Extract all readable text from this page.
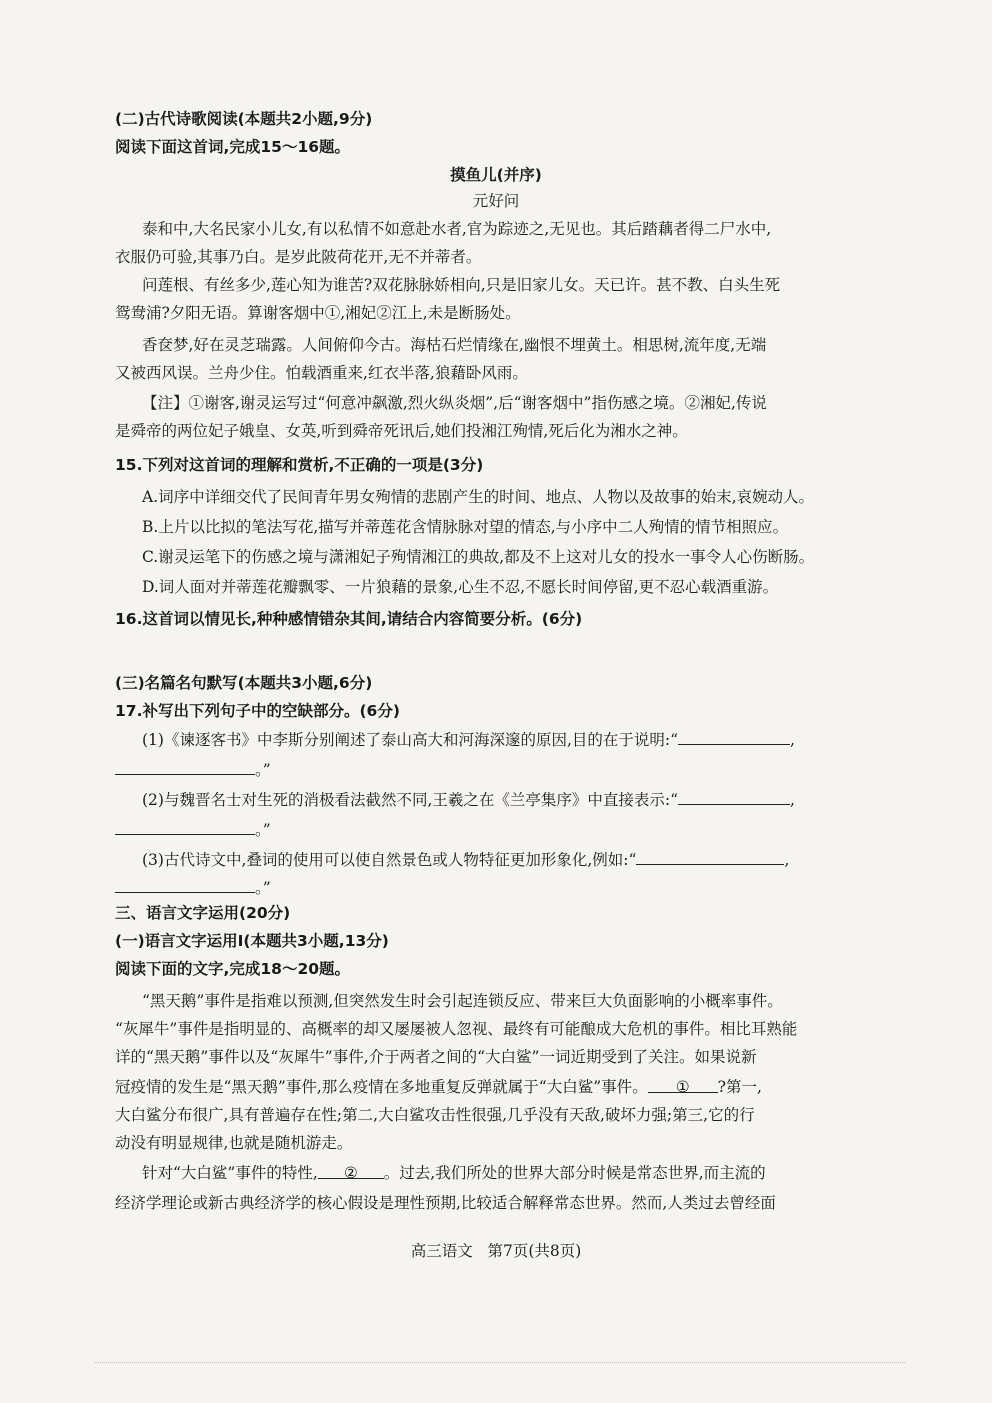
(二)古代诗歌阅读(本题共2小题,9分)
阅读下面这首词,完成15～16题。
摸鱼儿(并序)
元好问
泰和中,大名民家小儿女,有以私情不如意赴水者,官为踪迹之,无见也。其后踏藕者得二尸水中,
衣服仍可验,其事乃白。是岁此陂荷花开,无不并蒂者。
问莲根、有丝多少,莲心知为谁苦?双花脉脉娇相向,只是旧家儿女。天已许。甚不教、白头生死
鸳鸯浦?夕阳无语。算谢客烟中①,湘妃②江上,未是断肠处。
香奁梦,好在灵芝瑞露。人间俯仰今古。海枯石烂情缘在,幽恨不埋黄土。相思树,流年度,无端
又被西风误。兰舟少住。怕载酒重来,红衣半落,狼藉卧风雨。
【注】①谢客,谢灵运写过“何意冲飙激,烈火纵炎烟”,后“谢客烟中”指伤感之境。②湘妃,传说
是舜帝的两位妃子娥皇、女英,听到舜帝死讯后,她们投湘江殉情,死后化为湘水之神。
15.下列对这首词的理解和赏析,不正确的一项是(3分)
A.词序中详细交代了民间青年男女殉情的悲剧产生的时间、地点、人物以及故事的始末,哀婉动人。
B.上片以比拟的笔法写花,描写并蒂莲花含情脉脉对望的情态,与小序中二人殉情的情节相照应。
C.谢灵运笔下的伤感之境与潇湘妃子殉情湘江的典故,都及不上这对儿女的投水一事令人心伤断肠。
D.词人面对并蒂莲花瓣飘零、一片狼藉的景象,心生不忍,不愿长时间停留,更不忍心载酒重游。
16.这首词以情见长,种种感情错杂其间,请结合内容简要分析。(6分)
(三)名篇名句默写(本题共3小题,6分)
17.补写出下列句子中的空缺部分。(6分)
(1)《谏逐客书》中李斯分别阐述了泰山高大和河海深邃的原因,目的在于说明:“	,
。”
(2)与魏晋名士对生死的消极看法截然不同,王羲之在《兰亭集序》中直接表示:“	,
。”
(3)古代诗文中,叠词的使用可以使自然景色或人物特征更加形象化,例如:“	,
。”
三、语言文字运用(20分)
(一)语言文字运用Ⅰ(本题共3小题,13分)
阅读下面的文字,完成18～20题。
“黑天鹅”事件是指难以预测,但突然发生时会引起连锁反应、带来巨大负面影响的小概率事件。
“灰犀牛”事件是指明显的、高概率的却又屡屡被人忽视、最终有可能酿成大危机的事件。相比耳熟能
详的“黑天鹅”事件以及“灰犀牛”事件,介于两者之间的“大白鲨”一词近期受到了关注。如果说新
冠疫情的发生是“黑天鹅”事件,那么疫情在多地重复反弹就属于“大白鲨”事件。 ① ?第一,
大白鲨分布很广,具有普遍存在性;第二,大白鲨攻击性很强,几乎没有天敌,破坏力强;第三,它的行
动没有明显规律,也就是随机游走。
针对“大白鲨”事件的特性, ② 。过去,我们所处的世界大部分时候是常态世界,而主流的
经济学理论或新古典经济学的核心假设是理性预期,比较适合解释常态世界。然而,人类过去曾经面
高三语文   第7页(共8页)
